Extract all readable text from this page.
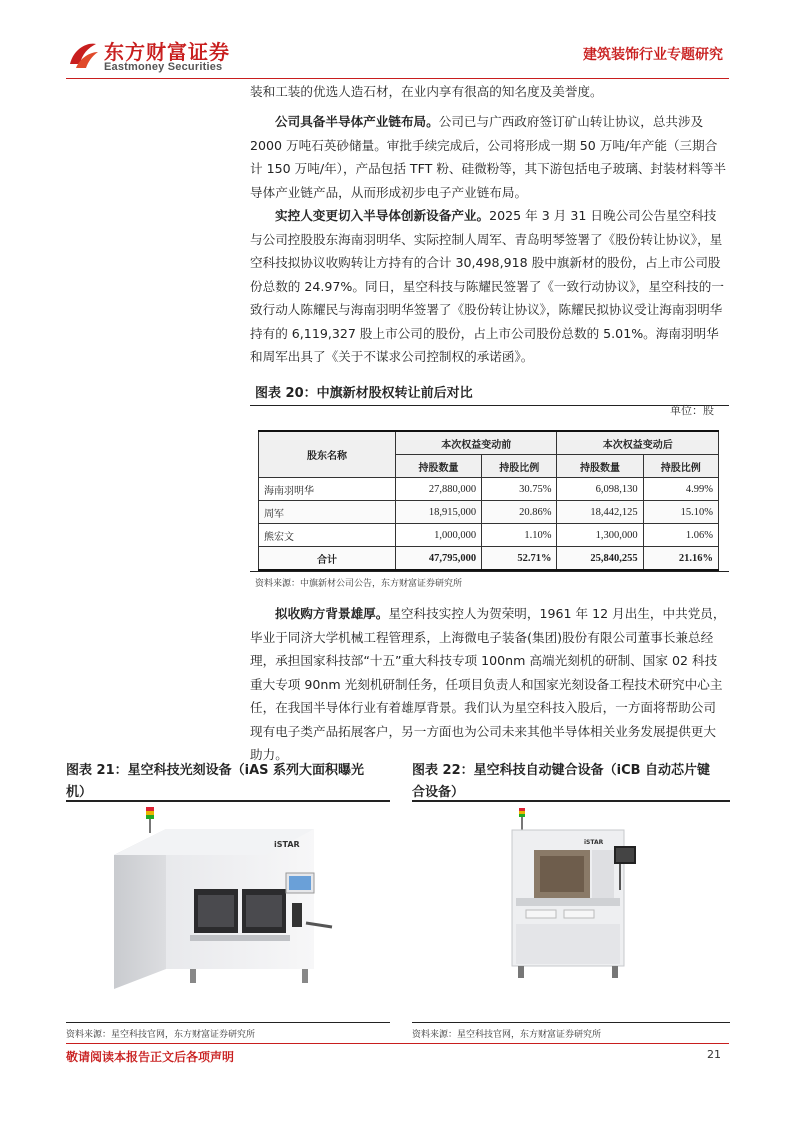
东方财富证券
Eastmoney Securities
建筑装饰行业专题研究

装和工装的优选人造石材，在业内享有很高的知名度及美誉度。

公司具备半导体产业链布局。公司已与广西政府签订矿山转让协议，总共涉及 2000 万吨石英砂储量。审批手续完成后，公司将形成一期 50 万吨/年产能（三期合计 150 万吨/年），产品包括 TFT 粉、硅微粉等，其下游包括电子玻璃、封装材料等半导体产业链产品，从而形成初步电子产业链布局。

实控人变更切入半导体创新设备产业。2025 年 3 月 31 日晚公司公告星空科技与公司控股股东海南羽明华、实际控制人周军、青岛明琴签署了《股份转让协议》，星空科技拟协议收购转让方持有的合计 30,498,918 股中旗新材的股份，占上市公司股份总数的 24.97%。同日，星空科技与陈耀民签署了《一致行动协议》，星空科技的一致行动人陈耀民与海南羽明华签署了《股份转让协议》，陈耀民拟协议受让海南羽明华持有的 6,119,327 股上市公司的股份，占上市公司股份总数的 5.01%。海南羽明华和周军出具了《关于不谋求公司控制权的承诺函》。

图表 20：中旗新材股权转让前后对比
单位：股
股东名称	本次权益变动前		本次权益变动后	
	持股数量	持股比例	持股数量	持股比例
海南羽明华	27,880,000	30.75%	6,098,130	4.99%
周军	18,915,000	20.86%	18,442,125	15.10%
熊宏文	1,000,000	1.10%	1,300,000	1.06%
合计	47,795,000	52.71%	25,840,255	21.16%
资料来源：中旗新材公司公告，东方财富证券研究所

拟收购方背景雄厚。星空科技实控人为贺荣明，1961 年 12 月出生，中共党员，毕业于同济大学机械工程管理系，上海微电子装备(集团)股份有限公司董事长兼总经理，承担国家科技部“十五”重大科技专项 100nm 高端光刻机的研制、国家 02 科技重大专项 90nm 光刻机研制任务，任项目负责人和国家光刻设备工程技术研究中心主任，在我国半导体行业有着雄厚背景。我们认为星空科技入股后，一方面将帮助公司现有电子类产品拓展客户，另一方面也为公司未来其他半导体相关业务发展提供更大助力。

图表 21：星空科技光刻设备（iAS 系列大面积曝光
机）
iSTAR
资料来源：星空科技官网，东方财富证券研究所
图表 22：星空科技自动键合设备（iCB 自动芯片键
合设备）
iSTAR
资料来源：星空科技官网，东方财富证券研究所
敬请阅读本报告正文后各项声明	21
